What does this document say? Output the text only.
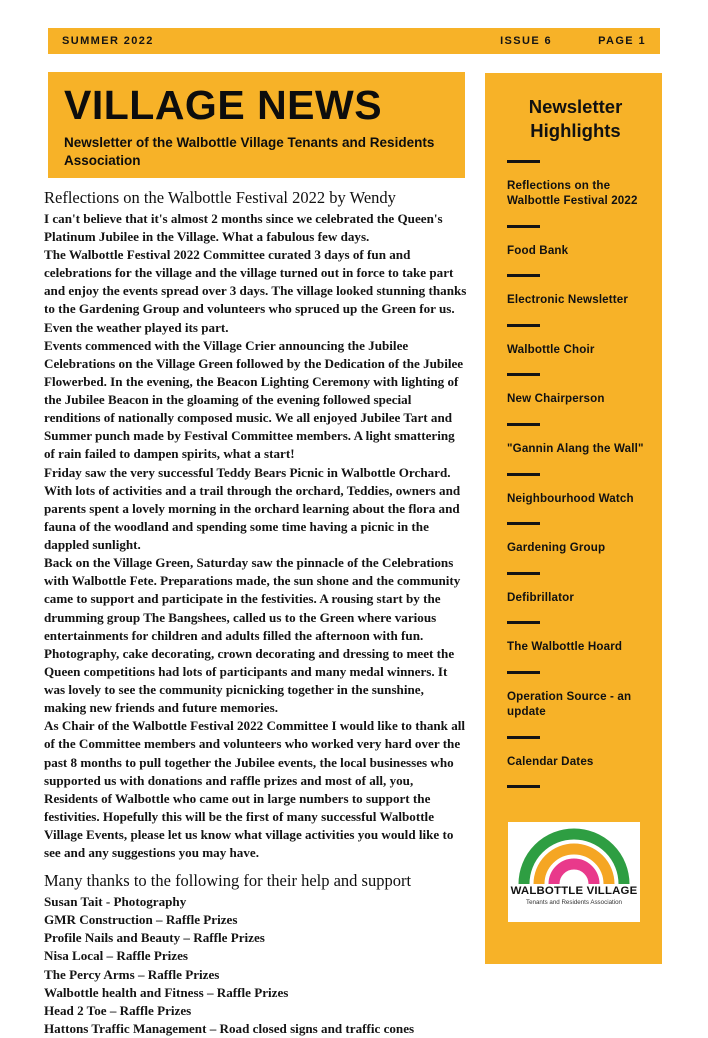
SUMMER 2022	ISSUE 6	PAGE 1
VILLAGE NEWS
Newsletter of the Walbottle Village Tenants and Residents Association
Reflections on the Walbottle Festival 2022 by Wendy

I can't believe that it's almost 2 months since we celebrated the Queen's Platinum Jubilee in the Village. What a fabulous few days.

The Walbottle Festival 2022 Committee curated 3 days of fun and celebrations for the village and the village turned out in force to take part and enjoy the events spread over 3 days. The village looked stunning thanks to the Gardening Group and volunteers who spruced up the Green for us. Even the weather played its part.

Events commenced with the Village Crier announcing the Jubilee Celebrations on the Village Green followed by the Dedication of the Jubilee Flowerbed. In the evening, the Beacon Lighting Ceremony with lighting of the Jubilee Beacon in the gloaming of the evening followed special renditions of nationally composed music. We all enjoyed Jubilee Tart and Summer punch made by Festival Committee members. A light smattering of rain failed to dampen spirits, what a start!

Friday saw the very successful Teddy Bears Picnic in Walbottle Orchard. With lots of activities and a trail through the orchard, Teddies, owners and parents spent a lovely morning in the orchard learning about the flora and fauna of the woodland and spending some time having a picnic in the dappled sunlight.

Back on the Village Green, Saturday saw the pinnacle of the Celebrations with Walbottle Fete. Preparations made, the sun shone and the community came to support and participate in the festivities. A rousing start by the drumming group The Bangshees, called us to the Green where various entertainments for children and adults filled the afternoon with fun. Photography, cake decorating, crown decorating and dressing to meet the Queen competitions had lots of participants and many medal winners. It was lovely to see the community picnicking together in the sunshine, making new friends and future memories.

As Chair of the Walbottle Festival 2022 Committee I would like to thank all of the Committee members and volunteers who worked very hard over the past 8 months to pull together the Jubilee events, the local businesses who supported us with donations and raffle prizes and most of all, you, Residents of Walbottle who came out in large numbers to support the festivities. Hopefully this will be the first of many successful Walbottle Village Events, please let us know what village activities you would like to see and any suggestions you may have.

Many thanks to the following for their help and support
Susan Tait - Photography
GMR Construction – Raffle Prizes
Profile Nails and Beauty – Raffle Prizes
Nisa Local – Raffle Prizes
The Percy Arms – Raffle Prizes
Walbottle health and Fitness – Raffle Prizes
Head 2 Toe – Raffle Prizes
Hattons Traffic Management – Road closed signs and traffic cones
Newsletter Highlights
Reflections on the Walbottle Festival 2022
Food Bank
Electronic Newsletter
Walbottle Choir
New Chairperson
"Gannin Alang the Wall"
Neighbourhood Watch
Gardening Group
Defibrillator
The Walbottle Hoard
Operation Source - an update
Calendar Dates
WALBOTTLE VILLAGE
Tenants and Residents Association
